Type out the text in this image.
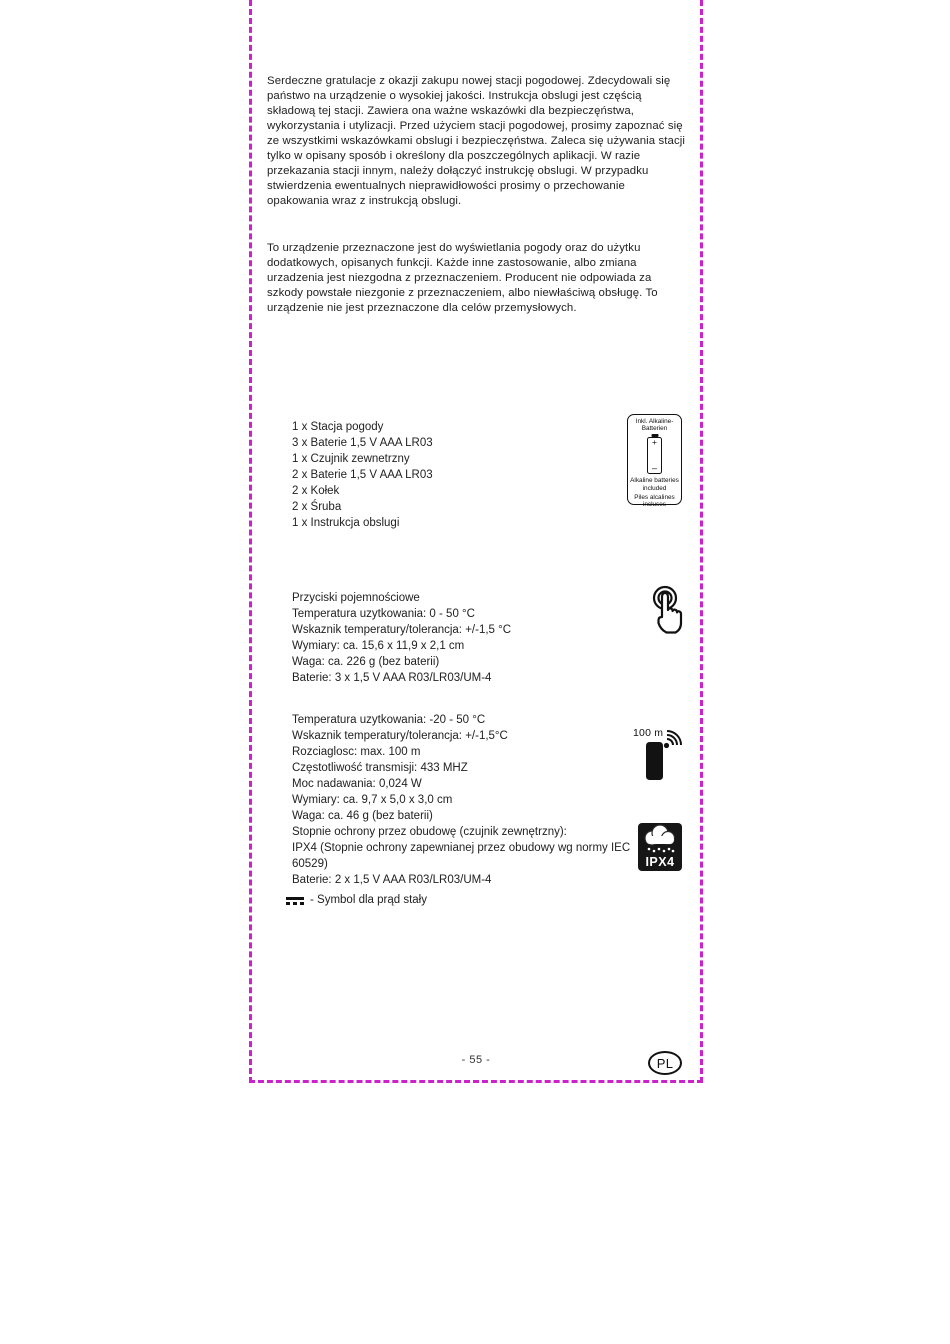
Serdeczne gratulacje z okazji zakupu nowej stacji pogodowej. Zdecydowali się państwo na urządzenie o wysokiej jakości. Instrukcja obslugi jest częścią składową tej stacji. Zawiera ona ważne wskazówki dla bezpieczęństwa, wykorzystania i utylizacji. Przed użyciem stacji pogodowej, prosimy zapoznać się ze wszystkimi wskazówkami obslugi i bezpieczęństwa. Zaleca się używania stacji tylko w opisany sposób i określony dla poszczególnych aplikacji. W razie przekazania stacji innym, należy dołączyć instrukcję obslugi. W przypadku stwierdzenia ewentualnych nieprawidłowości prosimy o przechowanie opakowania wraz z instrukcją obslugi.

To urządzenie przeznaczone jest do wyświetlania pogody oraz do użytku dodatkowych, opisanych funkcji. Każde inne zastosowanie, albo zmiana urzadzenia jest niezgodna z przeznaczeniem. Producent nie odpowiada za szkody powstałe niezgonie z przeznaczeniem, albo niewłaściwą obsługę. To urządzenie nie jest przeznaczone dla celów przemysłowych.

1 x Stacja pogody
3 x Baterie 1,5 V AAA LR03
1 x Czujnik zewnetrzny
2 x Baterie 1,5 V AAA LR03
2 x Kołek
2 x Śruba
1 x Instrukcja obslugi
Inkl. Alkaline-Batterien
+
–
Alkaline batteries included
Piles alcalines incluses
Przyciski pojemnościowe
Temperatura uzytkowania: 0 - 50 °C
Wskaznik temperatury/tolerancja: +/-1,5 °C
Wymiary: ca. 15,6 x 11,9 x 2,1 cm
Waga: ca. 226 g (bez baterii)
Baterie: 3 x 1,5 V AAA R03/LR03/UM-4
Temperatura uzytkowania: -20 - 50 °C
Wskaznik temperatury/tolerancja: +/-1,5°C
Rozciaglosc: max. 100 m
Częstotliwość transmisji: 433 MHZ
Moc nadawania: 0,024 W
Wymiary: ca. 9,7 x 5,0 x 3,0 cm
Waga: ca. 46 g (bez baterii)
Stopnie ochrony przez obudowę (czujnik zewnętrzny):
IPX4 (Stopnie ochrony zapewnianej przez obudowy wg normy IEC 60529)
Baterie: 2 x 1,5 V AAA R03/LR03/UM-4
100 m
IPX4
- Symbol dla prąd stały
- 55 -	PL
